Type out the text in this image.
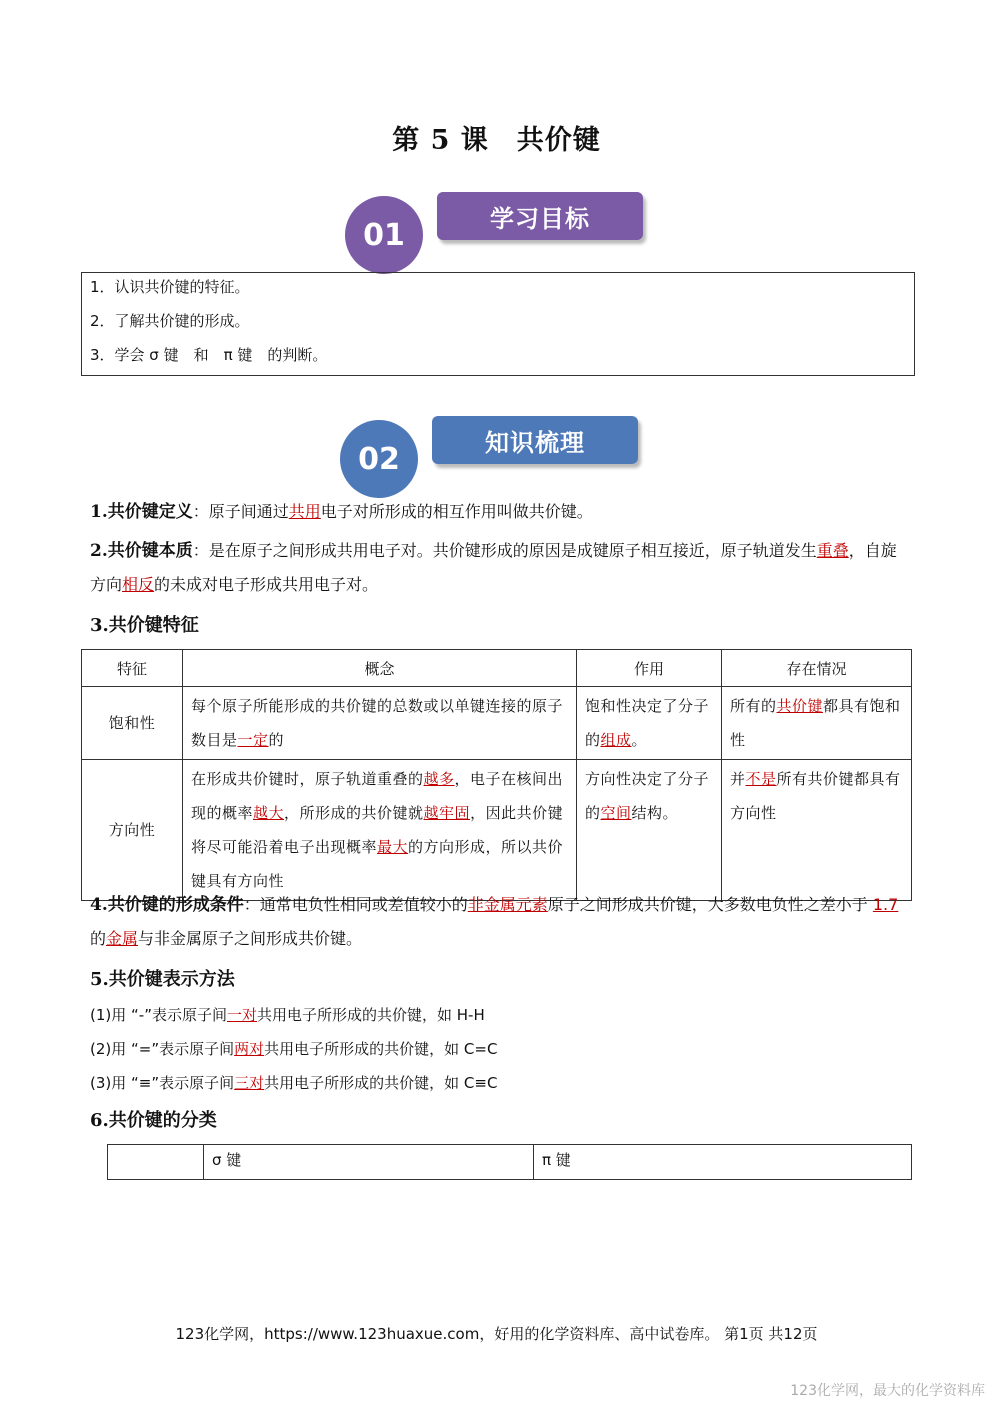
第 5 课　共价键
01	学习目标
1．认识共价键的特征。
2．了解共价键的形成。
3．学会 σ 键　和　π 键　的判断。
02	知识梳理
1.共价键定义：原子间通过共用电子对所形成的相互作用叫做共价键。
2.共价键本质：是在原子之间形成共用电子对。共价键形成的原因是成键原子相互接近，原子轨道发生重叠，自旋方向相反的未成对电子形成共用电子对。
3.共价键特征
特征	概念	作用	存在情况
饱和性	每个原子所能形成的共价键的总数或以单键连接的原子数目是一定的	饱和性决定了分子的组成。	所有的共价键都具有饱和性
方向性	在形成共价键时，原子轨道重叠的越多，电子在核间出现的概率越大，所形成的共价键就越牢固，因此共价键将尽可能沿着电子出现概率最大的方向形成，所以共价键具有方向性	方向性决定了分子的空间结构。	并不是所有共价键都具有方向性
4.共价键的形成条件：通常电负性相同或差值较小的非金属元素原子之间形成共价键，大多数电负性之差小于 1.7 的金属与非金属原子之间形成共价键。
5.共价键表示方法
(1)用 “-”表示原子间一对共用电子所形成的共价键，如 H-H
(2)用 “=”表示原子间两对共用电子所形成的共价键，如 C=C
(3)用 “≡”表示原子间三对共用电子所形成的共价键，如 C≡C
6.共价键的分类
	σ 键	π 键
123化学网，https://www.123huaxue.com，好用的化学资料库、高中试卷库。 第1页 共12页
123化学网，最大的化学资料库
